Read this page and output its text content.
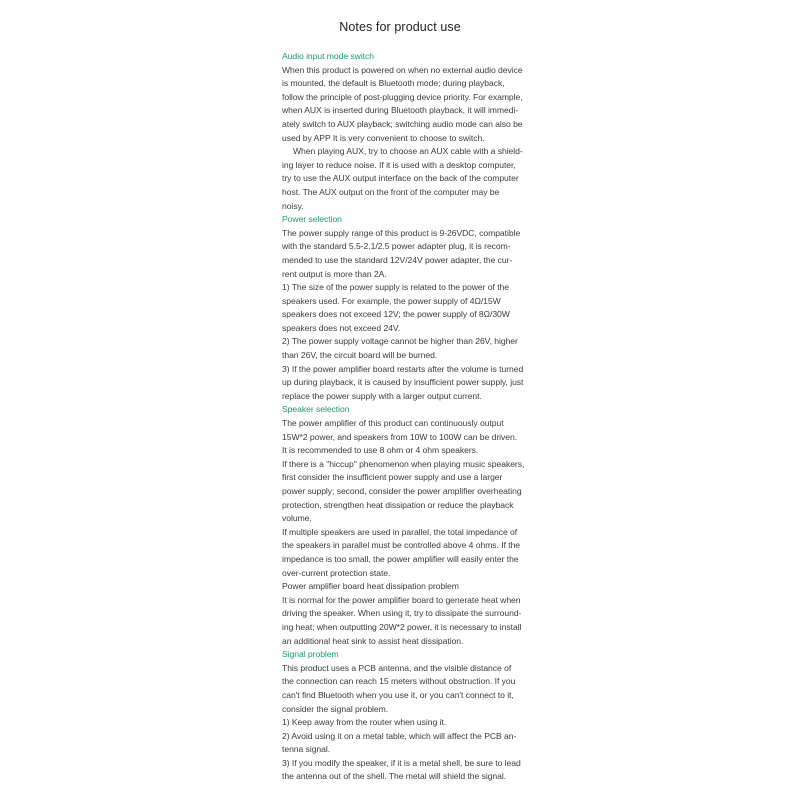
Notes for product use
Audio input mode switch
When this product is powered on when no external audio device
is mounted, the default is Bluetooth mode; during playback,
follow the principle of post-plugging device priority. For example,
when AUX is inserted during Bluetooth playback, it will immedi-
ately switch to AUX playback; switching audio mode can also be
used by APP It is very convenient to choose to switch.
When playing AUX, try to choose an AUX cable with a shield-
ing layer to reduce noise. If it is used with a desktop computer,
try to use the AUX output interface on the back of the computer
host. The AUX output on the front of the computer may be
noisy.
Power selection
The power supply range of this product is 9-26VDC, compatible
with the standard 5.5-2.1/2.5 power adapter plug, it is recom-
mended to use the standard 12V/24V power adapter, the cur-
rent output is more than 2A.
1) The size of the power supply is related to the power of the
speakers used. For example, the power supply of 4Ω/15W
speakers does not exceed 12V; the power supply of 8Ω/30W
speakers does not exceed 24V.
2) The power supply voltage cannot be higher than 26V, higher
than 26V, the circuit board will be burned.
3) If the power amplifier board restarts after the volume is turned
up during playback, it is caused by insufficient power supply, just
replace the power supply with a larger output current.
Speaker selection
The power amplifier of this product can continuously output
15W*2 power, and speakers from 10W to 100W can be driven.
It is recommended to use 8 ohm or 4 ohm speakers.
If there is a "hiccup" phenomenon when playing music speakers,
first consider the insufficient power supply and use a larger
power supply; second, consider the power amplifier overheating
protection, strengthen heat dissipation or reduce the playback
volume.
If multiple speakers are used in parallel, the total impedance of
the speakers in parallel must be controlled above 4 ohms. If the
impedance is too small, the power amplifier will easily enter the
over-current protection state.
Power amplifier board heat dissipation problem
It is normal for the power amplifier board to generate heat when
driving the speaker. When using it, try to dissipate the surround-
ing heat; when outputting 20W*2 power, it is necessary to install
an additional heat sink to assist heat dissipation.
Signal problem
This product uses a PCB antenna, and the visible distance of
the connection can reach 15 meters without obstruction. If you
can't find Bluetooth when you use it, or you can't connect to it,
consider the signal problem.
1) Keep away from the router when using it.
2) Avoid using it on a metal table, which will affect the PCB an-
tenna signal.
3) If you modify the speaker, if it is a metal shell, be sure to lead
the antenna out of the shell. The metal will shield the signal.
